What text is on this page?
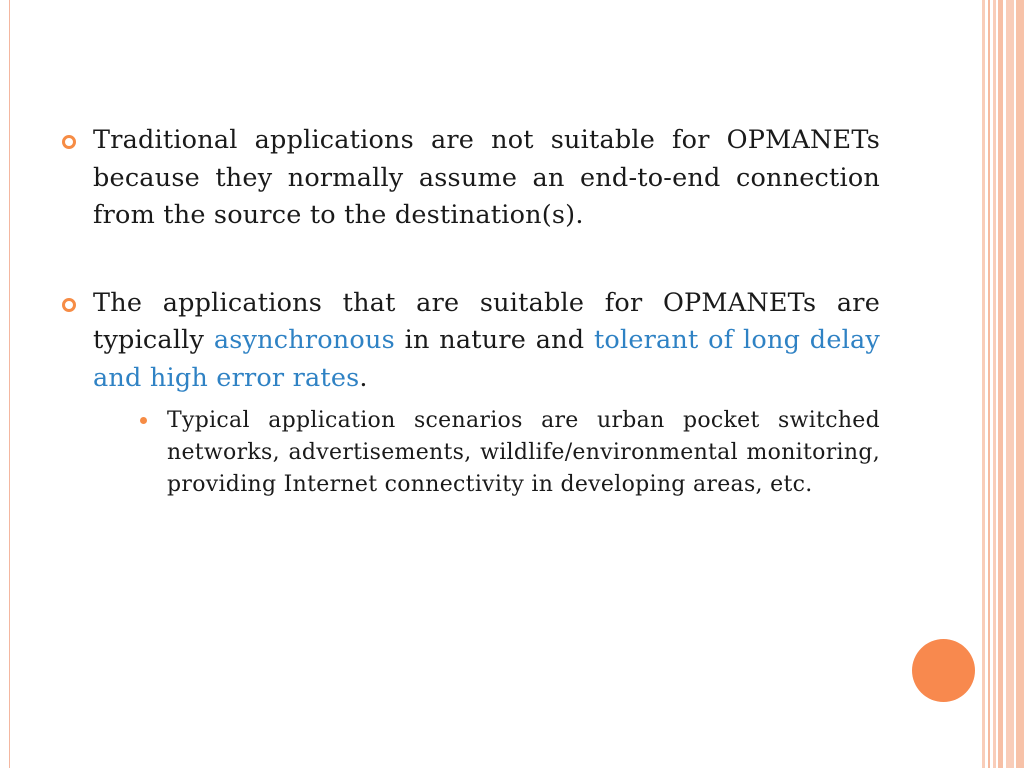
Traditional applications are not suitable for OPMANETs because they normally assume an end-to-end connection from the source to the destination(s).

The applications that are suitable for OPMANETs are typically asynchronous in nature and tolerant of long delay and high error rates.

Typical application scenarios are urban pocket switched networks, advertisements, wildlife/environmental monitoring, providing Internet connectivity in developing areas, etc.
